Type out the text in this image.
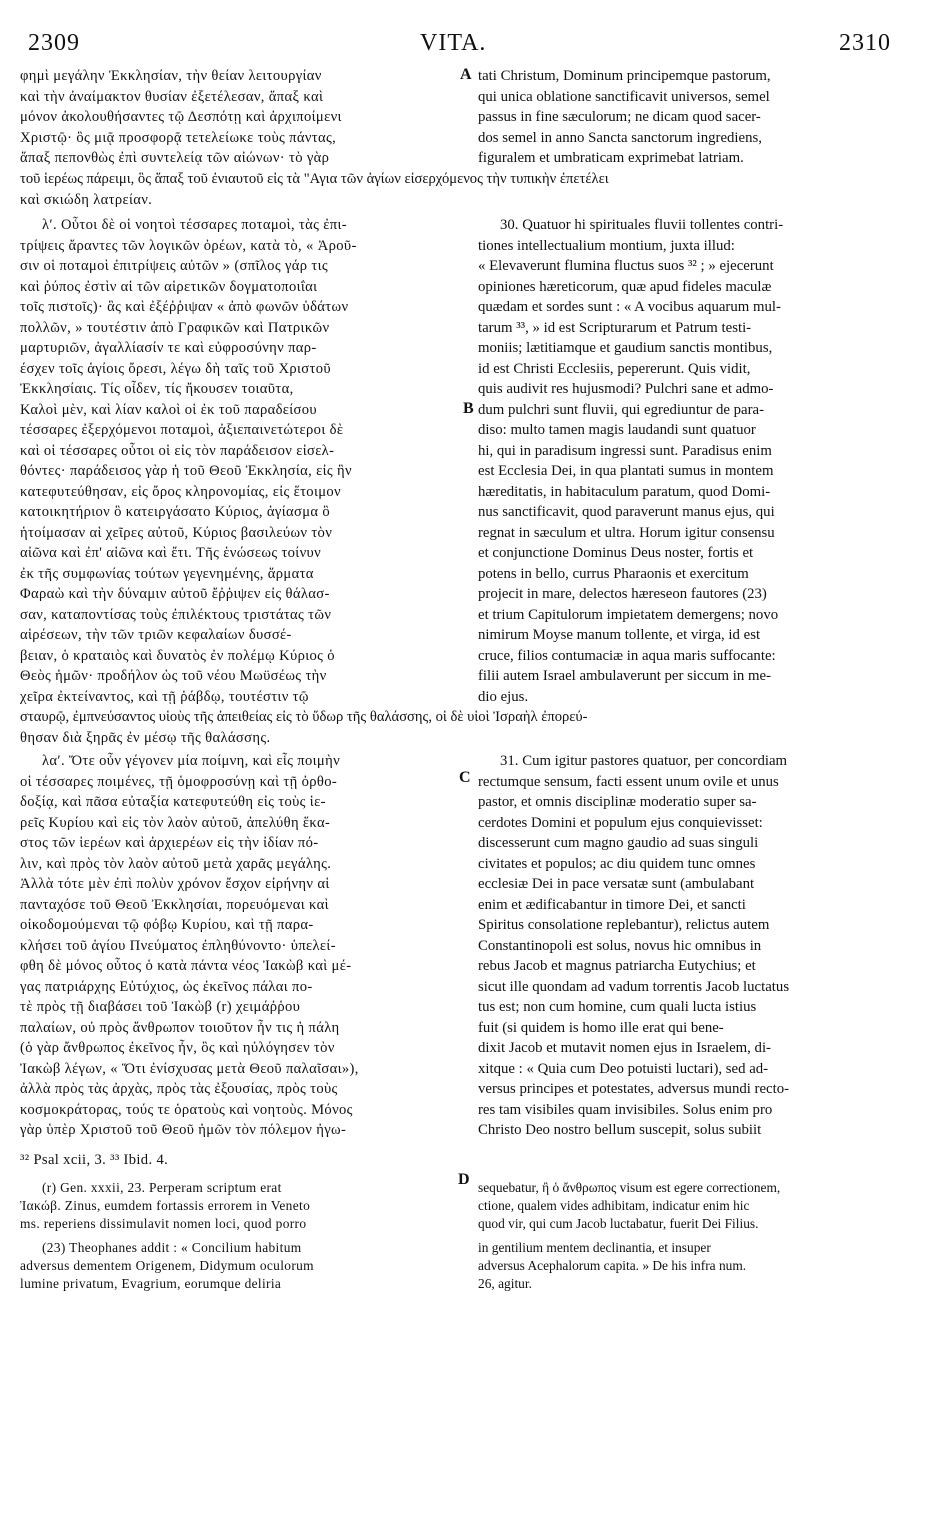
2309	VITA.	2310
φημὶ μεγάλην Ἐκκλησίαν, τὴν θείαν λειτουργίαν
καὶ τὴν ἀναίμακτον θυσίαν ἐξετέλεσαν, ἅπαξ καὶ
μόνον ἀκολουθήσαντες τῷ Δεσπότῃ καὶ ἀρχιποίμενι
Χριστῷ· ὃς μιᾷ προσφορᾷ τετελείωκε τοὺς πάντας,
ἅπαξ πεπονθὼς ἐπὶ συντελείᾳ τῶν αἰώνων· τὸ γὰρ
A tati Christum, Dominum principemque pastorum,
qui unica oblatione sanctificavit universos, semel
passus in fine sæculorum; ne dicam quod sacer-
dos semel in anno Sancta sanctorum ingrediens,
figuralem et umbraticam exprimebat latriam.
τοῦ ἱερέως πάρειμι, ὃς ἅπαξ τοῦ ἐνιαυτοῦ εἰς τὰ "Αγια τῶν ἁγίων εἰσερχόμενος τὴν τυπικὴν ἐπετέλει
καὶ σκιώδη λατρείαν.
λʹ. Οὗτοι δὲ οἱ νοητοὶ τέσσαρες ποταμοὶ, τὰς ἐπι-
τρίψεις ἄραντες τῶν λογικῶν ὀρέων, κατὰ τὸ, « Ἀροῦ-
σιν οἱ ποταμοὶ ἐπιτρίψεις αὐτῶν » (σπῖλος γάρ τις
καὶ ῥύπος ἐστὶν αἱ τῶν αἱρετικῶν δογματοποιΐαι
τοῖς πιστοῖς)· ἃς καὶ ἐξέῤῥιψαν « ἀπὸ φωνῶν ὑδάτων
πολλῶν, » τουτέστιν ἀπὸ Γραφικῶν καὶ Πατρικῶν
μαρτυριῶν, ἀγαλλίασίν τε καὶ εὐφροσύνην παρ-
έσχεν τοῖς ἁγίοις ὄρεσι, λέγω δὴ ταῖς τοῦ Χριστοῦ
Ἐκκλησίαις. Τίς οἶδεν, τίς ἤκουσεν τοιαῦτα,
Καλοὶ μὲν, καὶ λίαν καλοὶ οἱ ἐκ τοῦ παραδείσου
τέσσαρες ἐξερχόμενοι ποταμοὶ, ἀξιεπαινετώτεροι δὲ
καὶ οἱ τέσσαρες οὗτοι οἱ εἰς τὸν παράδεισον εἰσελ-
θόντες· παράδεισος γὰρ ἡ τοῦ Θεοῦ Ἐκκλησία, εἰς ἣν
κατεφυτεύθησαν, εἰς ὄρος κληρονομίας, εἰς ἕτοιμον
κατοικητήριον ὃ κατειργάσατο Κύριος, ἁγίασμα ὃ
ἡτοίμασαν αἱ χεῖρες αὐτοῦ, Κύριος βασιλεύων τὸν
αἰῶνα καὶ ἐπ' αἰῶνα καὶ ἔτι. Τῆς ἑνώσεως τοίνυν
ἐκ τῆς συμφωνίας τούτων γεγενημένης, ἅρματα
Φαραὼ καὶ τὴν δύναμιν αὐτοῦ ἔῤῥιψεν εἰς θάλασ-
σαν, καταποντίσας τοὺς ἐπιλέκτους τριστάτας τῶν
αἱρέσεων, τὴν τῶν τριῶν κεφαλαίων δυσσέ-
βειαν, ὁ κραταιὸς καὶ δυνατὸς ἐν πολέμῳ Κύριος ὁ
Θεὸς ἡμῶν· προδήλον ὡς τοῦ νέου Μωϋσέως τὴν
χεῖρα ἐκτείναντος, καὶ τῇ ῥάβδῳ, τουτέστιν τῷ
B
C
30. Quatuor hi spirituales fluvii tollentes contri-
tiones intellectualium montium, juxta illud:
« Elevaverunt flumina fluctus suos ³² ; » ejecerunt
opiniones hæreticorum, quæ apud fideles maculæ
quædam et sordes sunt : « A vocibus aquarum mul-
tarum ³³, » id est Scripturarum et Patrum testi-
moniis; lætitiamque et gaudium sanctis montibus,
id est Christi Ecclesiis, pepererunt. Quis vidit,
quis audivit res hujusmodi? Pulchri sane et admo-
dum pulchri sunt fluvii, qui egrediuntur de para-
diso: multo tamen magis laudandi sunt quatuor
hi, qui in paradisum ingressi sunt. Paradisus enim
est Ecclesia Dei, in qua plantati sumus in montem
hæreditatis, in habitaculum paratum, quod Domi-
nus sanctificavit, quod paraverunt manus ejus, qui
regnat in sæculum et ultra. Horum igitur consensu
et conjunctione Dominus Deus noster, fortis et
potens in bello, currus Pharaonis et exercitum
projecit in mare, delectos hæreseon fautores (23)
et trium Capitulorum impietatem demergens; novo
nimirum Moyse manum tollente, et virga, id est
cruce, filios contumaciæ in aqua maris suffocante:
filii autem Israel ambulaverunt per siccum in me-
dio ejus.
σταυρῷ, ἐμπνεύσαντος υἱοὺς τῆς ἀπειθείας εἰς τὸ ὕδωρ τῆς θαλάσσης, οἱ δὲ υἱοὶ Ἰσραὴλ ἐπορεύ-
θησαν διὰ ξηρᾶς ἐν μέσῳ τῆς θαλάσσης.
λαʹ. Ὅτε οὖν γέγονεν μία ποίμνη, καὶ εἷς ποιμὴν
οἱ τέσσαρες ποιμένες, τῇ ὁμοφροσύνῃ καὶ τῇ ὀρθο-
δοξίᾳ, καὶ πᾶσα εὐταξία κατεφυτεύθη εἰς τοὺς ἱε-
ρεῖς Κυρίου καὶ εἰς τὸν λαὸν αὐτοῦ, ἀπελύθη ἕκα-
στος τῶν ἱερέων καὶ ἀρχιερέων εἰς τὴν ἰδίαν πό-
λιν, καὶ πρὸς τὸν λαὸν αὐτοῦ μετὰ χαρᾶς μεγάλης.
Ἀλλὰ τότε μὲν ἐπὶ πολὺν χρόνον ἔσχον εἰρήνην αἱ
πανταχόσε τοῦ Θεοῦ Ἐκκλησίαι, πορευόμεναι καὶ
οἰκοδομούμεναι τῷ φόβῳ Κυρίου, καὶ τῇ παρα-
κλήσει τοῦ ἁγίου Πνεύματος ἐπληθύνοντο· ὑπελεί-
φθη δὲ μόνος οὗτος ὁ κατὰ πάντα νέος Ἰακὼβ καὶ μέ-
γας πατριάρχης Εὐτύχιος, ὡς ἐκεῖνος πάλαι πο-
τὲ πρὸς τῇ διαβάσει τοῦ Ἰακὼβ (r) χειμάῤῥου
παλαίων, οὐ πρὸς ἄνθρωπον τοιοῦτον ἦν τις ἡ πάλη
(ὁ γὰρ ἄνθρωπος ἐκεῖνος ἦν, ὃς καὶ ηὐλόγησεν τὸν
Ἰακὼβ λέγων, « Ὅτι ἐνίσχυσας μετὰ Θεοῦ παλαῖσαι»),
ἀλλὰ πρὸς τὰς ἀρχὰς, πρὸς τὰς ἐξουσίας, πρὸς τοὺς
κοσμοκράτορας, τούς τε ὁρατοὺς καὶ νοητοὺς. Μόνος
γὰρ ὑπὲρ Χριστοῦ τοῦ Θεοῦ ἡμῶν τὸν πόλεμον ἠγω-
D
31. Cum igitur pastores quatuor, per concordiam
rectumque sensum, facti essent unum ovile et unus
pastor, et omnis disciplinæ moderatio super sa-
cerdotes Domini et populum ejus conquievisset:
discesserunt cum magno gaudio ad suas singuli
civitates et populos; ac diu quidem tunc omnes
ecclesiæ Dei in pace versatæ sunt (ambulabant
enim et ædificabantur in timore Dei, et sancti
Spiritus consolatione replebantur), relictus autem
Constantinopoli est solus, novus hic omnibus in
rebus Jacob et magnus patriarcha Eutychius; et
sicut ille quondam ad vadum torrentis Jacob luctatus
tus est; non cum homine, cum quali lucta istius
fuit (si quidem is homo ille erat qui bene-
dixit Jacob et mutavit nomen ejus in Israelem, di-
xitque : « Quia cum Deo potuisti luctari), sed ad-
versus principes et potestates, adversus mundi recto-
res tam visibiles quam invisibiles. Solus enim pro
Christo Deo nostro bellum suscepit, solus subiit
³² Psal xcii, 3. ³³ Ibid. 4.
(r) Gen. xxxii, 23. Perperam scriptum erat
Ἰακώβ. Zinus, eumdem fortassis errorem in Veneto
ms. reperiens dissimulavit nomen loci, quod porro
(23) Theophanes addit : « Concilium habitum
adversus dementem Origenem, Didymum oculorum
lumine privatum, Evagrium, eorumque deliria
sequebatur, ἢ ὁ ἄνθρωπος visum est egere correctionem,
ctione, qualem vides adhibitam, indicatur enim hic
quod vir, qui cum Jacob luctabatur, fuerit Dei Filius.
in gentilium mentem declinantia, et insuper
adversus Acephalorum capita. » De his infra num.
26, agitur.
